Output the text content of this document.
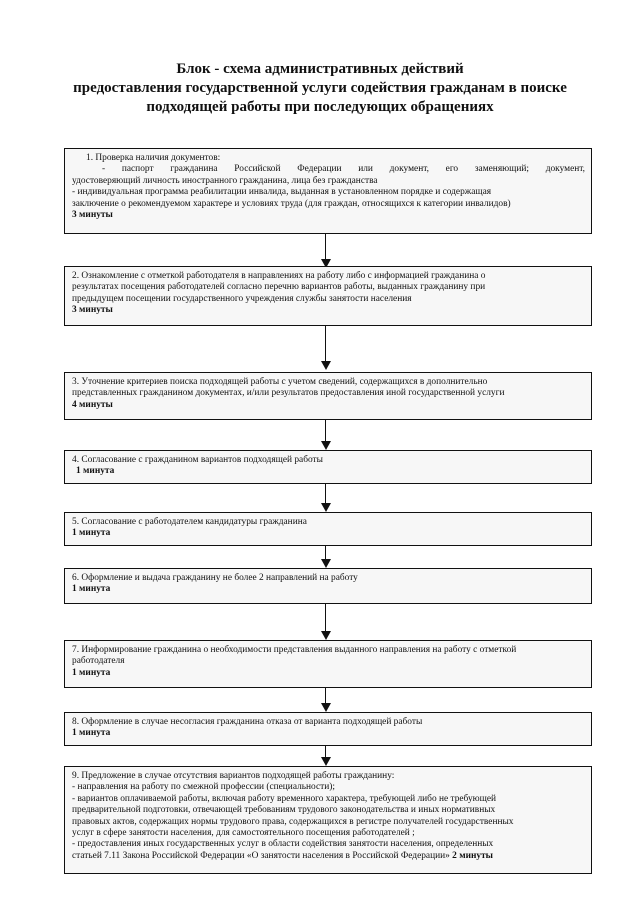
Блок - схема административных действий
предоставления государственной услуги содействия гражданам в поиске
подходящей работы при последующих обращениях
1. Проверка наличия документов:
- паспорт гражданина Российской Федерации или документ, его заменяющий; документ,
удостоверяющий личность иностранного гражданина, лица без гражданства
- индивидуальная программа реабилитации инвалида, выданная в установленном порядке и содержащая
заключение о рекомендуемом характере и условиях труда (для граждан, относящихся к категории инвалидов)
3 минуты
2. Ознакомление с отметкой работодателя в направлениях на работу либо с информацией гражданина о
результатах посещения работодателей согласно перечню вариантов работы, выданных гражданину при
предыдущем посещении государственного учреждения службы занятости населения
3 минуты
3. Уточнение критериев поиска подходящей работы с учетом сведений, содержащихся в дополнительно
представленных гражданином документах, и/или результатов предоставления иной государственной услуги
4 минуты
4. Согласование с гражданином вариантов подходящей работы
1 минута
5. Согласование с работодателем кандидатуры гражданина
1 минута
6. Оформление и выдача гражданину не более 2 направлений на работу
1 минута
7. Информирование гражданина о необходимости представления выданного направления на работу с отметкой
работодателя
1 минута
8. Оформление в случае несогласия гражданина отказа от варианта подходящей работы
1 минута
9. Предложение в случае отсутствия вариантов подходящей работы гражданину:
- направления на работу по смежной профессии (специальности);
- вариантов оплачиваемой работы, включая работу временного характера, требующей либо не требующей
предварительной подготовки, отвечающей требованиям трудового законодательства и иных нормативных
правовых актов, содержащих нормы трудового права, содержащихся в регистре получателей государственных
услуг в сфере занятости населения, для самостоятельного посещения работодателей ;
- предоставления иных государственных услуг в области содействия занятости населения, определенных
статьей 7.11 Закона Российской Федерации «О занятости населения в Российской Федерации» 2 минуты
